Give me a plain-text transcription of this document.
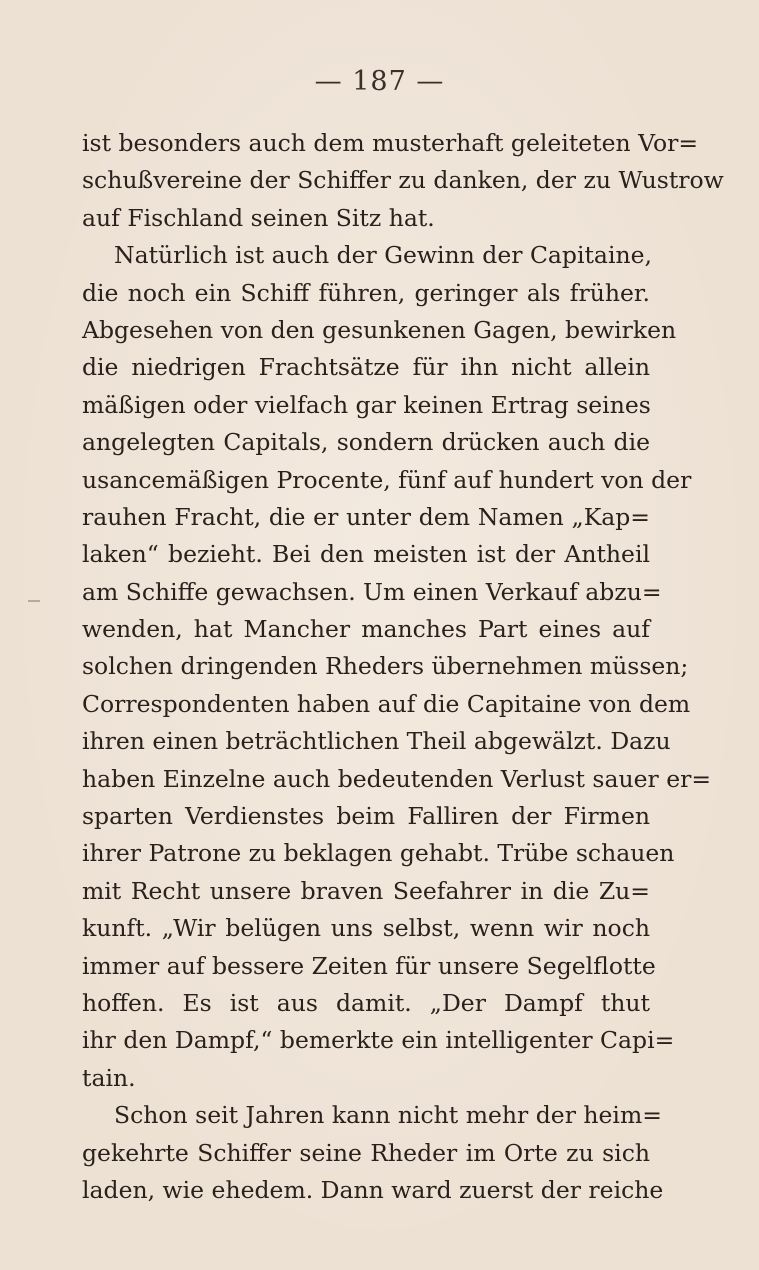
— 187 —
ist besonders auch dem musterhaft geleiteten Vor=
schußvereine der Schiffer zu danken, der zu Wustrow
auf Fischland seinen Sitz hat.
Natürlich ist auch der Gewinn der Capitaine,
die noch ein Schiff führen, geringer als früher.
Abgesehen von den gesunkenen Gagen, bewirken
die niedrigen Frachtsätze für ihn nicht allein
mäßigen oder vielfach gar keinen Ertrag seines
angelegten Capitals, sondern drücken auch die
usancemäßigen Procente, fünf auf hundert von der
rauhen Fracht, die er unter dem Namen „Kap=
laken“ bezieht. Bei den meisten ist der Antheil
am Schiffe gewachsen. Um einen Verkauf abzu=
wenden, hat Mancher manches Part eines auf
solchen dringenden Rheders übernehmen müssen;
Correspondenten haben auf die Capitaine von dem
ihren einen beträchtlichen Theil abgewälzt. Dazu
haben Einzelne auch bedeutenden Verlust sauer er=
sparten Verdienstes beim Falliren der Firmen
ihrer Patrone zu beklagen gehabt. Trübe schauen
mit Recht unsere braven Seefahrer in die Zu=
kunft. „Wir belügen uns selbst, wenn wir noch
immer auf bessere Zeiten für unsere Segelflotte
hoffen. Es ist aus damit. „Der Dampf thut
ihr den Dampf,“ bemerkte ein intelligenter Capi=
tain.
Schon seit Jahren kann nicht mehr der heim=
gekehrte Schiffer seine Rheder im Orte zu sich
laden, wie ehedem. Dann ward zuerst der reiche
